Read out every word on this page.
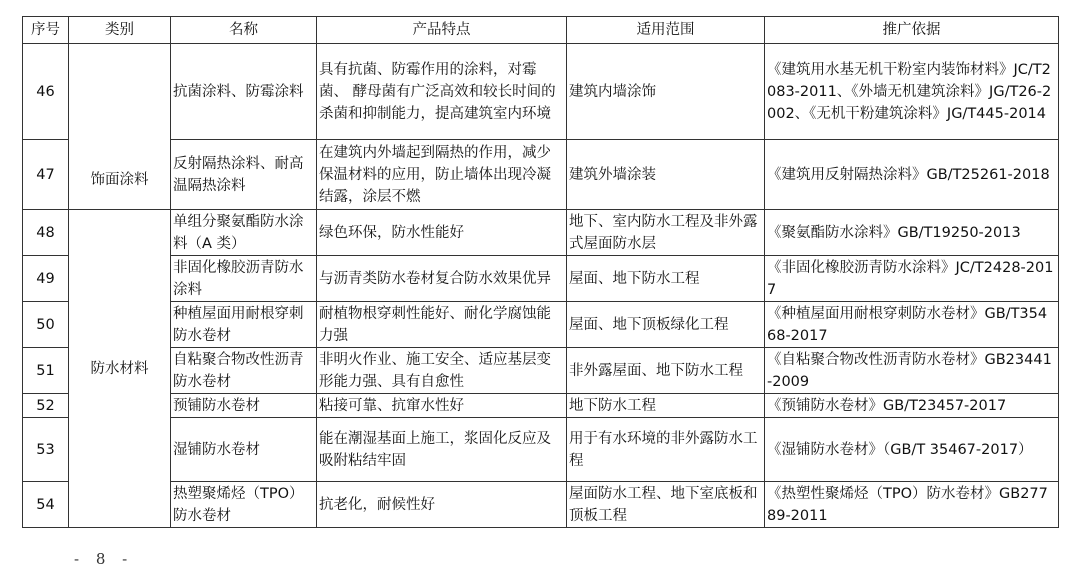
序号	类别	名称	产品特点	适用范围	推广依据
46	饰面涂料	抗菌涂料、防霉涂料	具有抗菌、防霉作用的涂料，对霉菌、 酵母菌有广泛高效和较长时间的杀菌和抑制能力，提高建筑室内环境	建筑内墙涂饰	《建筑用水基无机干粉室内装饰材料》JC/T2083-2011、《外墙无机建筑涂料》JG/T26-2002、《无机干粉建筑涂料》JG/T445-2014
47		反射隔热涂料、耐高温隔热涂料	在建筑内外墙起到隔热的作用，减少保温材料的应用，防止墙体出现冷凝结露，涂层不燃	建筑外墙涂装	《建筑用反射隔热涂料》GB/T25261-2018
48	防水材料	单组分聚氨酯防水涂料（A 类）	绿色环保，防水性能好	地下、室内防水工程及非外露式屋面防水层	《聚氨酯防水涂料》GB/T19250-2013
49		非固化橡胶沥青防水涂料	与沥青类防水卷材复合防水效果优异	屋面、地下防水工程	《非固化橡胶沥青防水涂料》JC/T2428-2017
50		种植屋面用耐根穿刺防水卷材	耐植物根穿刺性能好、耐化学腐蚀能力强	屋面、地下顶板绿化工程	《种植屋面用耐根穿刺防水卷材》GB/T35468-2017
51		自粘聚合物改性沥青防水卷材	非明火作业、施工安全、适应基层变形能力强、具有自愈性	非外露屋面、地下防水工程	《自粘聚合物改性沥青防水卷材》GB23441-2009
52		预铺防水卷材	粘接可靠、抗窜水性好	地下防水工程	《预铺防水卷材》GB/T23457-2017
53		湿铺防水卷材	能在潮湿基面上施工，浆固化反应及吸附粘结牢固	用于有水环境的非外露防水工程	《湿铺防水卷材》（GB/T 35467-2017）
54		热塑聚烯烃（TPO）防水卷材	抗老化，耐候性好	屋面防水工程、地下室底板和顶板工程	《热塑性聚烯烃（TPO）防水卷材》GB27789-2011
- 8 -
